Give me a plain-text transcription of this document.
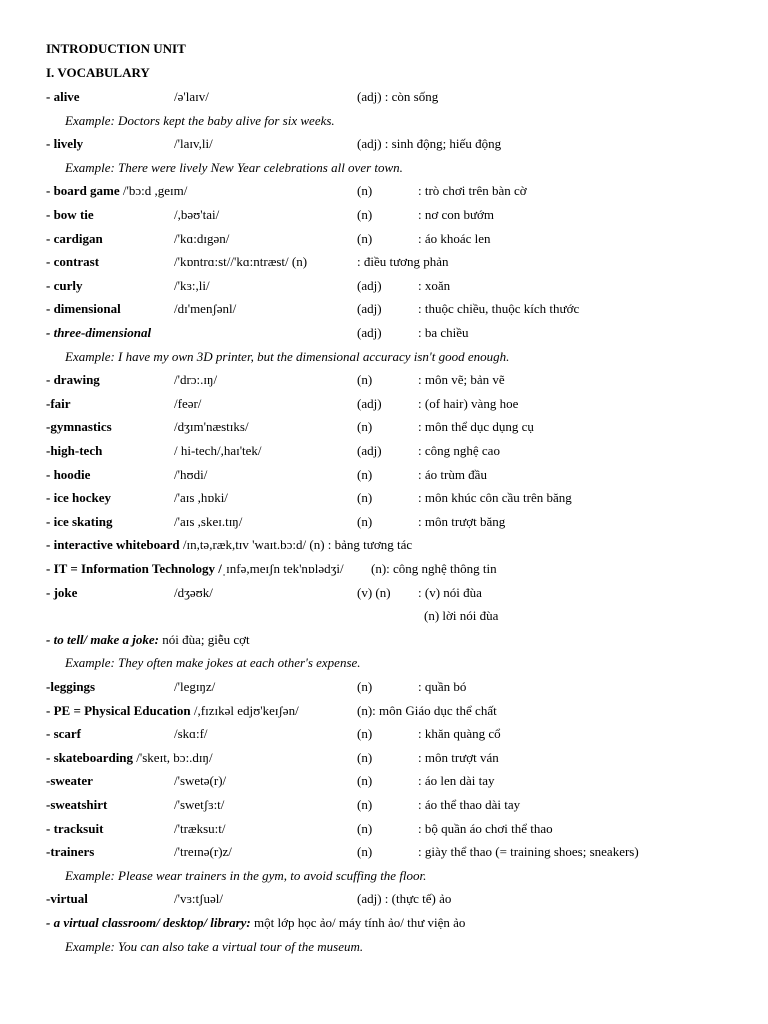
INTRODUCTION UNIT
I. VOCABULARY
- alive	/ə'laɪv/	(adj) : còn sống
Example: Doctors kept the baby alive for six weeks.
- lively	/'laɪv,li/	(adj) : sinh động; hiếu động
Example: There were lively New Year celebrations all over town.
- board game /'bɔ:d ,geɪm/	(n)	: trò chơi trên bàn cờ
- bow tie	/,bəʊ'tai/	(n)	: nơ con bướm
- cardigan	/'kɑ:dɪgən/	(n)	: áo khoác len
- contrast	/'kɒntrɑ:st//'kɑ:ntræst/ (n)	: điều tương phản
- curly	/'kɜ:,li/	(adj)	: xoăn
- dimensional	/dɪ'menʃənl/	(adj)	: thuộc chiều, thuộc kích thước
- three-dimensional	(adj)	: ba chiều
Example: I have my own 3D printer, but the dimensional accuracy isn't good enough.
- drawing	/'drɔ:.ɪŋ/	(n)	: môn vẽ; bản vẽ
-fair	/feər/	(adj)	: (of hair) vàng hoe
-gymnastics	/dʒɪm'næstɪks/	(n)	: môn thể dục dụng cụ
-high-tech	/ hi-tech/,haɪ'tek/	(adj)	: công nghệ cao
- hoodie	/'hʊdi/	(n)	: áo trùm đầu
- ice hockey	/'aɪs ,hɒki/	(n)	: môn khúc côn cầu trên băng
- ice skating	/'aɪs ,skeɪ.tɪŋ/	(n)	: môn trượt băng
- interactive whiteboard /ɪn,tə,ræk,tɪv 'waɪt.bɔ:d/ (n) : bảng tương tác
- IT = Information Technology /ˌɪnfə,meɪʃn tek'nɒlədʒi/ (n): công nghệ thông tin
- joke	/dʒəʊk/	(v) (n) : (v) nói đùa
(n) lời nói đùa
- to tell/ make a joke: nói đùa; giễu cợt
Example: They often make jokes at each other's expense.
-leggings	/'legɪŋz/	(n)	: quần bó
- PE = Physical Education /,fɪzɪkəl edjʊ'keɪʃən/	(n): môn Giáo dục thể chất
- scarf	/skɑ:f/	(n)	: khăn quàng cổ
- skateboarding /'skeɪt, bɔ:.dɪŋ/	(n)	: môn trượt ván
-sweater	/'swetə(r)/	(n)	: áo len dài tay
-sweatshirt	/'swetʃɜ:t/	(n)	: áo thể thao dài tay
- tracksuit	/'træksu:t/	(n)	: bộ quần áo chơi thể thao
-trainers	/'treɪnə(r)z/	(n)	: giày thể thao (= training shoes; sneakers)
Example: Please wear trainers in the gym, to avoid scuffing the floor.
-virtual	/'vɜ:tʃuəl/	(adj) : (thực tế) ảo
- a virtual classroom/ desktop/ library: một lớp học ảo/ máy tính ảo/ thư viện ảo
Example: You can also take a virtual tour of the museum.
